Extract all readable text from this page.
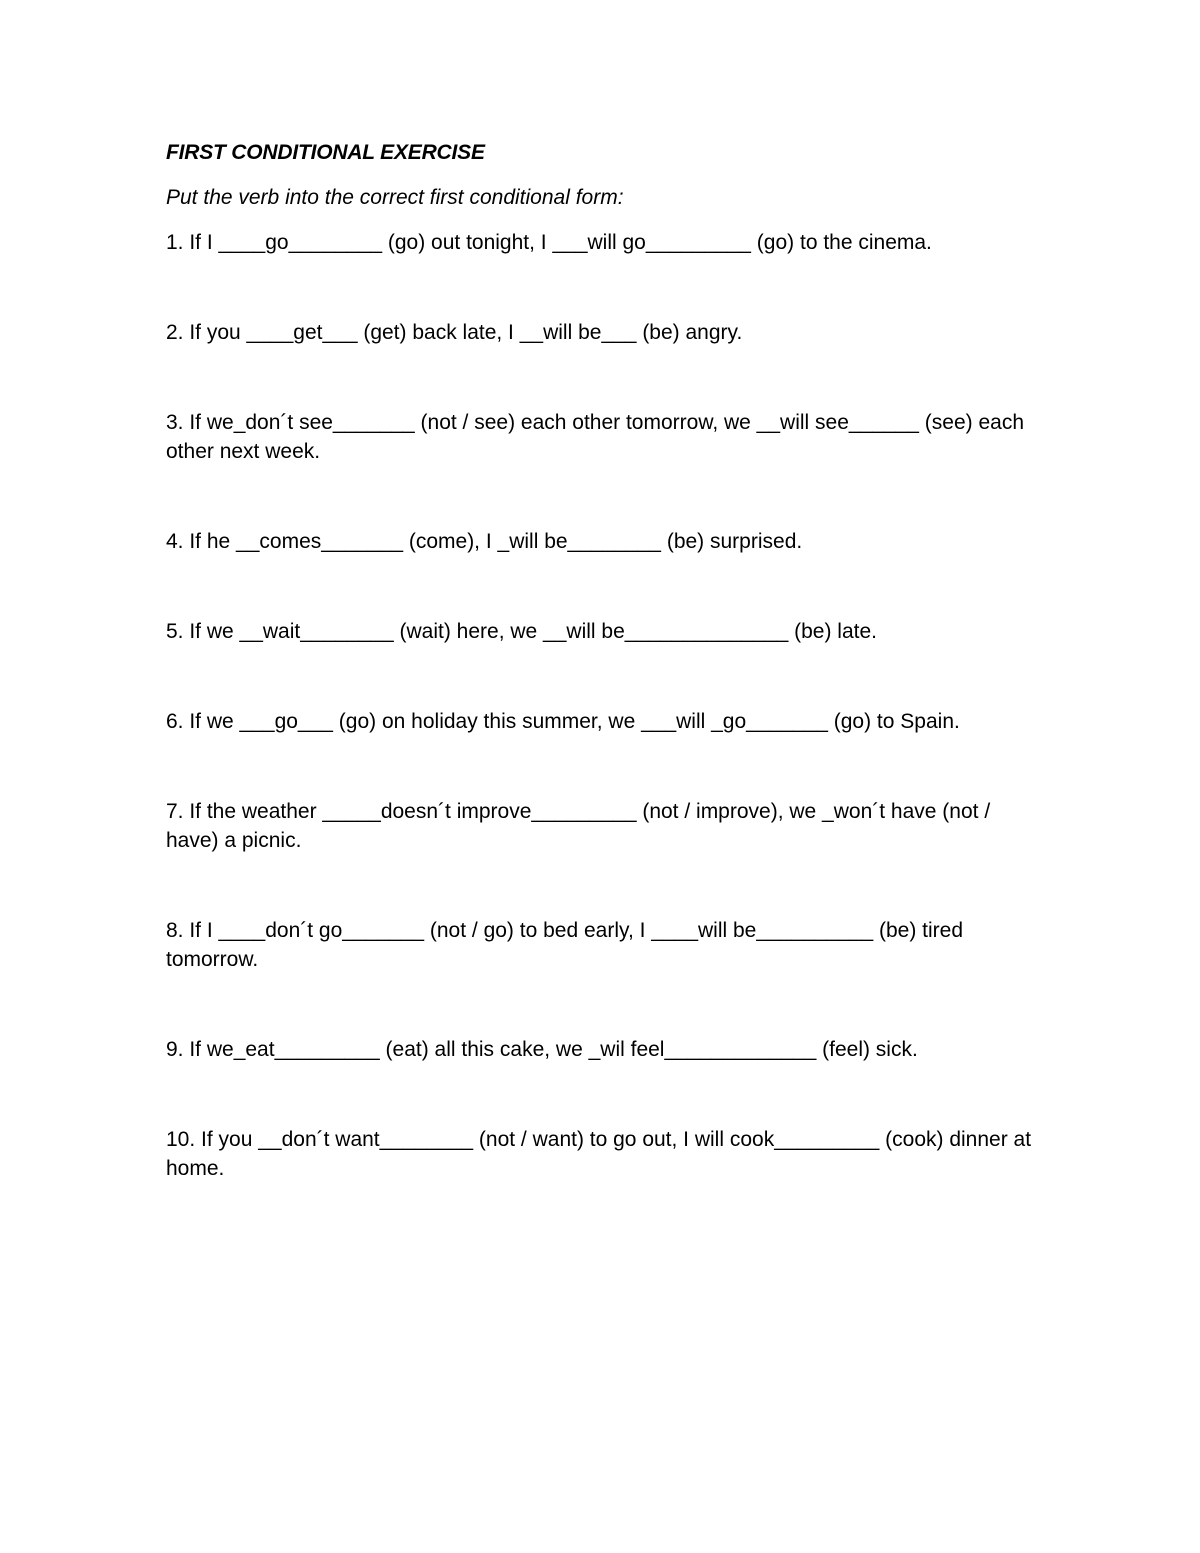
FIRST CONDITIONAL EXERCISE
Put the verb into the correct first conditional form:
1. If I ____go________ (go) out tonight, I ___will go_________ (go) to the cinema.
2. If you ____get___ (get) back late, I __will be___ (be) angry.
3. If we_don´t see_______ (not / see) each other tomorrow, we __will see______ (see) each other next week.
4. If he __comes_______ (come), I _will be________ (be) surprised.
5. If we __wait________ (wait) here, we __will be______________ (be) late.
6. If we ___go___ (go) on holiday this summer, we ___will _go_______ (go) to Spain.
7. If the weather _____doesn´t improve_________ (not / improve), we _won´t have (not / have) a picnic.
8. If I ____don´t go_______ (not / go) to bed early, I ____will be__________ (be) tired tomorrow.
9. If we_eat_________ (eat) all this cake, we _wil feel_____________ (feel) sick.
10. If you __don´t want________ (not / want) to go out, I will cook_________ (cook) dinner at home.
